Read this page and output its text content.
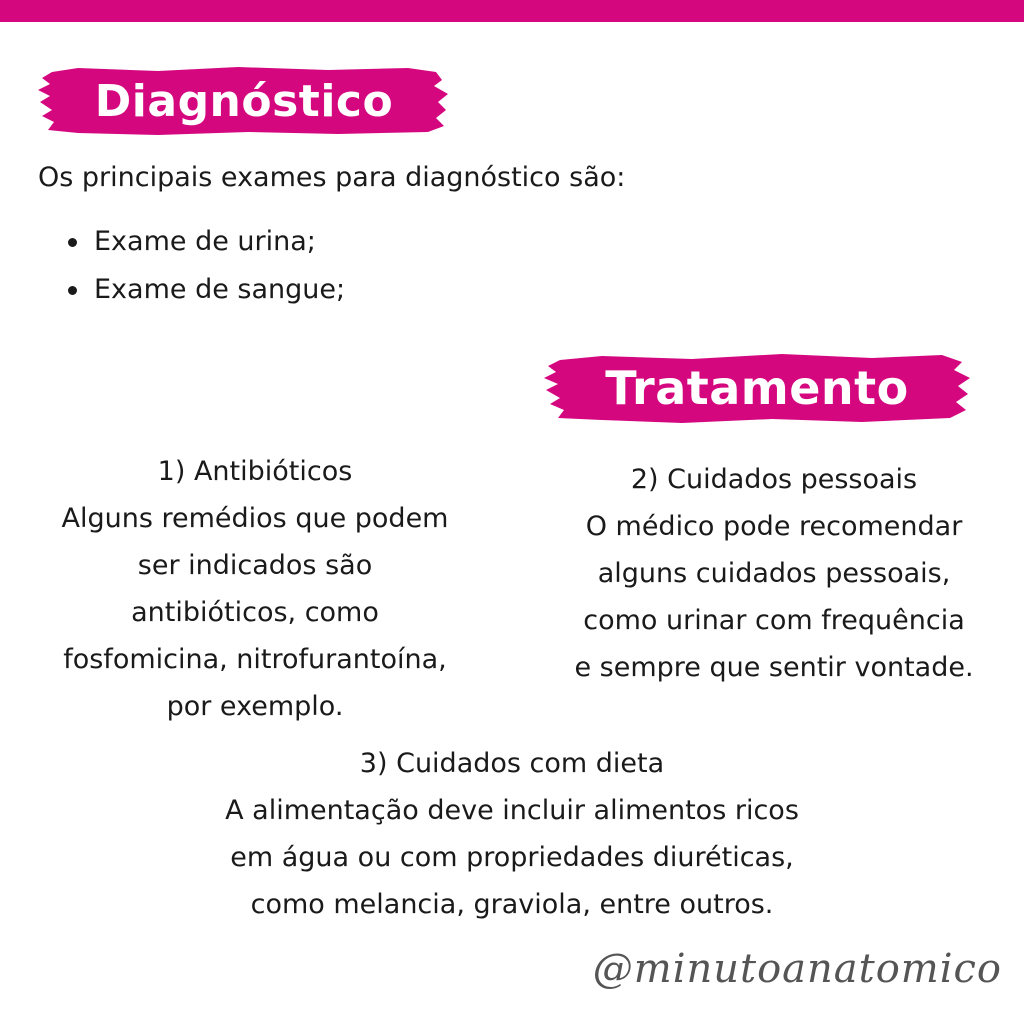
Diagnóstico
Os principais exames para diagnóstico são:
Exame de urina;
Exame de sangue;
Tratamento
1) Antibióticos
Alguns remédios que podem
ser indicados são
antibióticos, como
fosfomicina, nitrofurantoína,
por exemplo.
2) Cuidados pessoais
O médico pode recomendar
alguns cuidados pessoais,
como urinar com frequência
e sempre que sentir vontade.
3) Cuidados com dieta
A alimentação deve incluir alimentos ricos
em água ou com propriedades diuréticas,
como melancia, graviola, entre outros.
@minutoanatomico
